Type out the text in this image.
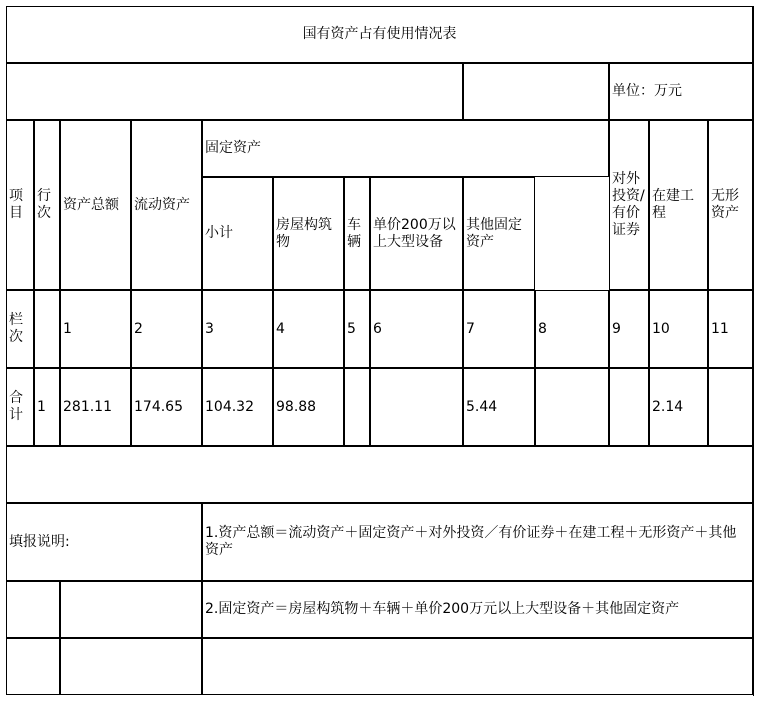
国有资产占有使用情况表													
										单位：万元			
项目	行次	资产总额	流动资产	固定资产						对外投资/有价证券	在建工程	无形资产	
				小计	房屋构筑物	车辆	单价200万以上大型设备	其他固定资产					
栏次		1	2	3	4	5	6	7	8	9	10	11	
合计	1	281.11	174.65	104.32	98.88			5.44			2.14		

填报说明:				1.资产总额＝流动资产＋固定资产＋对外投资／有价证券＋在建工程＋无形资产＋其他资产									
				2.固定资产＝房屋构筑物＋车辆＋单价200万元以上大型设备＋其他固定资产									
